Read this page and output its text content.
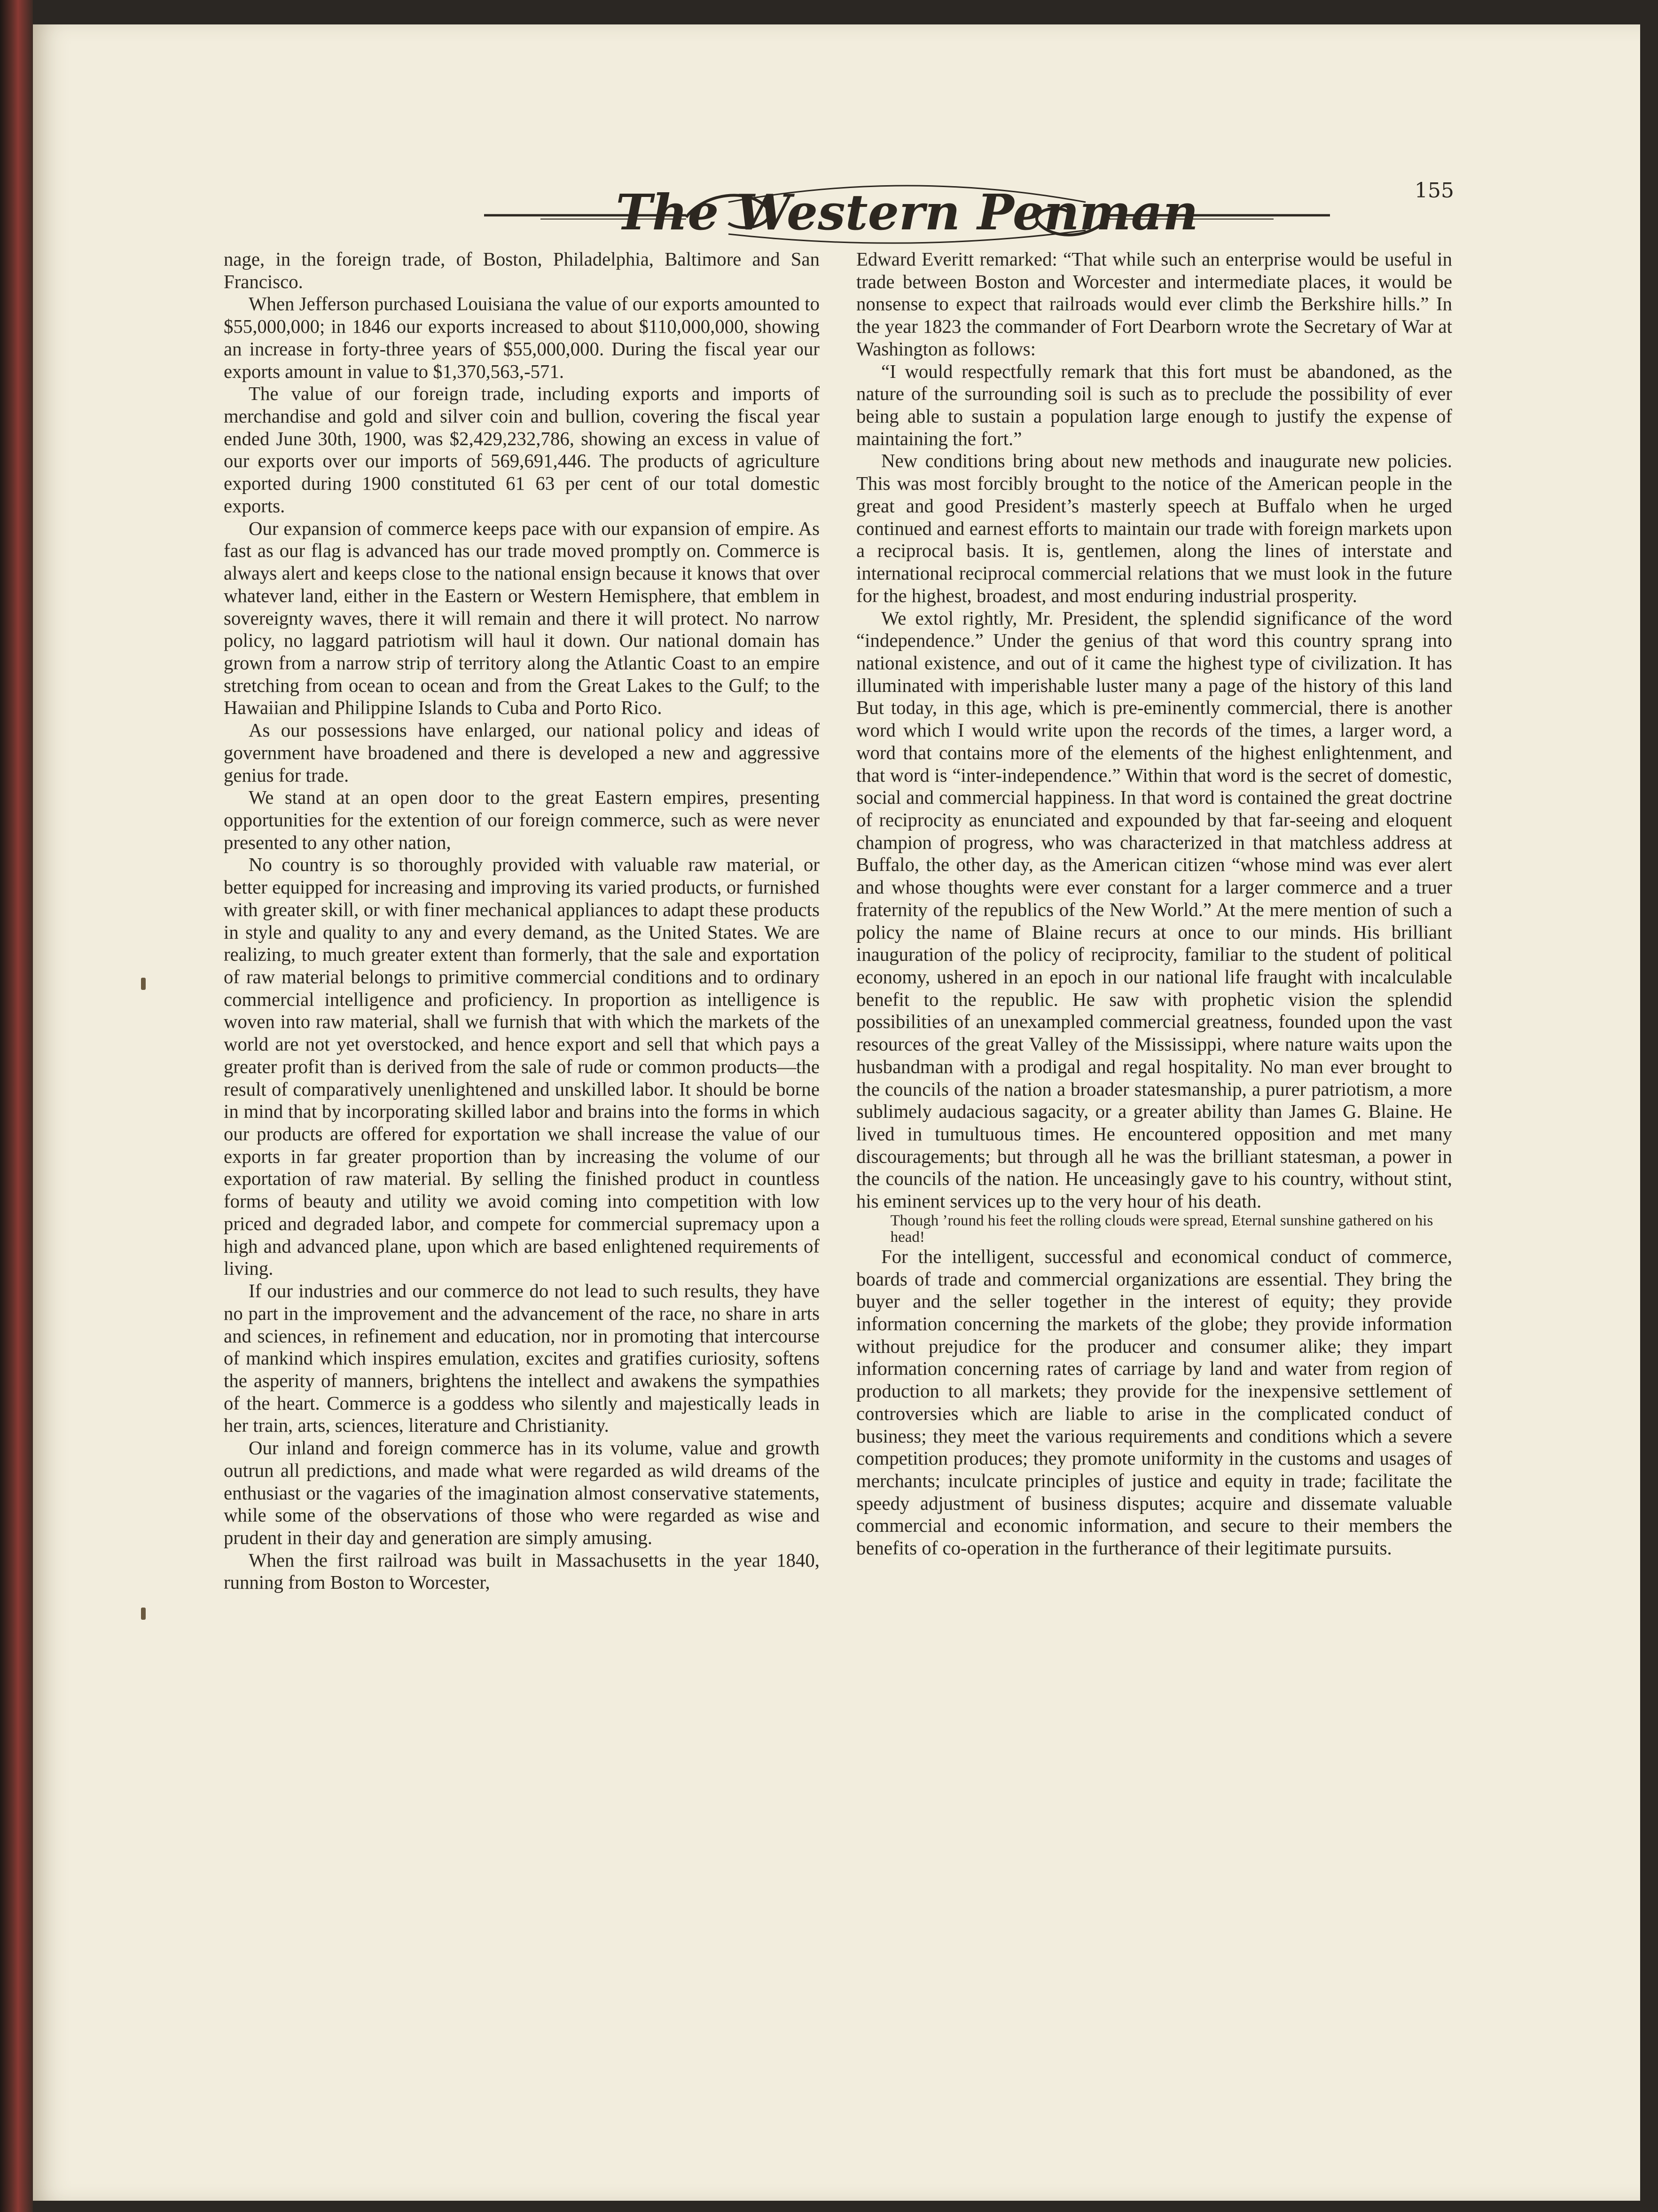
The Western Penman	155

nage, in the foreign trade, of Boston, Philadelphia, Baltimore and San Francisco.

When Jefferson purchased Louisiana the value of our exports amounted to $55,000,000; in 1846 our exports increased to about $110,000,000, showing an increase in forty-three years of $55,000,000. During the fiscal year our exports amount in value to $1,370,563,-571.

The value of our foreign trade, including exports and imports of merchandise and gold and silver coin and bullion, covering the fiscal year ended June 30th, 1900, was $2,429,232,786, showing an excess in value of our exports over our imports of 569,691,446. The products of agriculture exported during 1900 constituted 61 63 per cent of our total domestic exports.

Our expansion of commerce keeps pace with our expansion of empire. As fast as our flag is advanced has our trade moved promptly on. Commerce is always alert and keeps close to the national ensign because it knows that over whatever land, either in the Eastern or Western Hemisphere, that emblem in sovereignty waves, there it will remain and there it will protect. No narrow policy, no laggard patriotism will haul it down. Our national domain has grown from a narrow strip of territory along the Atlantic Coast to an empire stretching from ocean to ocean and from the Great Lakes to the Gulf; to the Hawaiian and Philippine Islands to Cuba and Porto Rico.

As our possessions have enlarged, our national policy and ideas of government have broadened and there is developed a new and aggressive genius for trade.

We stand at an open door to the great Eastern empires, presenting opportunities for the extention of our foreign commerce, such as were never presented to any other nation,

No country is so thoroughly provided with valuable raw material, or better equipped for increasing and improving its varied products, or furnished with greater skill, or with finer mechanical appliances to adapt these products in style and quality to any and every demand, as the United States. We are realizing, to much greater extent than formerly, that the sale and exportation of raw material belongs to primitive commercial conditions and to ordinary commercial intelligence and proficiency. In proportion as intelligence is woven into raw material, shall we furnish that with which the markets of the world are not yet overstocked, and hence export and sell that which pays a greater profit than is derived from the sale of rude or common products—the result of comparatively unenlightened and unskilled labor. It should be borne in mind that by incorporating skilled labor and brains into the forms in which our products are offered for exportation we shall increase the value of our exports in far greater proportion than by increasing the volume of our exportation of raw material. By selling the finished product in countless forms of beauty and utility we avoid coming into competition with low priced and degraded labor, and compete for commercial supremacy upon a high and advanced plane, upon which are based enlightened requirements of living.

If our industries and our commerce do not lead to such results, they have no part in the improvement and the advancement of the race, no share in arts and sciences, in refinement and education, nor in promoting that intercourse of mankind which inspires emulation, excites and gratifies curiosity, softens the asperity of manners, brightens the intellect and awakens the sympathies of the heart. Commerce is a goddess who silently and majestically leads in her train, arts, sciences, literature and Christianity.

Our inland and foreign commerce has in its volume, value and growth outrun all predictions, and made what were regarded as wild dreams of the enthusiast or the vagaries of the imagination almost conservative statements, while some of the observations of those who were regarded as wise and prudent in their day and generation are simply amusing.

When the first railroad was built in Massachusetts in the year 1840, running from Boston to Worcester,

Edward Everitt remarked: “That while such an enterprise would be useful in trade between Boston and Worcester and intermediate places, it would be nonsense to expect that railroads would ever climb the Berkshire hills.” In the year 1823 the commander of Fort Dearborn wrote the Secretary of War at Washington as follows:

“I would respectfully remark that this fort must be abandoned, as the nature of the surrounding soil is such as to preclude the possibility of ever being able to sustain a population large enough to justify the expense of maintaining the fort.”

New conditions bring about new methods and inaugurate new policies. This was most forcibly brought to the notice of the American people in the great and good President’s masterly speech at Buffalo when he urged continued and earnest efforts to maintain our trade with foreign markets upon a reciprocal basis. It is, gentlemen, along the lines of interstate and international reciprocal commercial relations that we must look in the future for the highest, broadest, and most enduring industrial prosperity.

We extol rightly, Mr. President, the splendid significance of the word “independence.” Under the genius of that word this country sprang into national existence, and out of it came the highest type of civilization. It has illuminated with imperishable luster many a page of the history of this land But today, in this age, which is pre-eminently commercial, there is another word which I would write upon the records of the times, a larger word, a word that contains more of the elements of the highest enlightenment, and that word is “inter-independence.” Within that word is the secret of domestic, social and commercial happiness. In that word is contained the great doctrine of reciprocity as enunciated and expounded by that far-seeing and eloquent champion of progress, who was characterized in that matchless address at Buffalo, the other day, as the American citizen “whose mind was ever alert and whose thoughts were ever constant for a larger commerce and a truer fraternity of the republics of the New World.” At the mere mention of such a policy the name of Blaine recurs at once to our minds. His brilliant inauguration of the policy of reciprocity, familiar to the student of political economy, ushered in an epoch in our national life fraught with incalculable benefit to the republic. He saw with prophetic vision the splendid possibilities of an unexampled commercial greatness, founded upon the vast resources of the great Valley of the Mississippi, where nature waits upon the husbandman with a prodigal and regal hospitality. No man ever brought to the councils of the nation a broader statesmanship, a purer patriotism, a more sublimely audacious sagacity, or a greater ability than James G. Blaine. He lived in tumultuous times. He encountered opposition and met many discouragements; but through all he was the brilliant statesman, a power in the councils of the nation. He unceasingly gave to his country, without stint, his eminent services up to the very hour of his death.

Though ’round his feet the rolling clouds were spread, Eternal sunshine gathered on his head!

For the intelligent, successful and economical conduct of commerce, boards of trade and commercial organizations are essential. They bring the buyer and the seller together in the interest of equity; they provide information concerning the markets of the globe; they provide information without prejudice for the producer and consumer alike; they impart information concerning rates of carriage by land and water from region of production to all markets; they provide for the inexpensive settlement of controversies which are liable to arise in the complicated conduct of business; they meet the various requirements and conditions which a severe competition produces; they promote uniformity in the customs and usages of merchants; inculcate principles of justice and equity in trade; facilitate the speedy adjustment of business disputes; acquire and dissemate valuable commercial and economic information, and secure to their members the benefits of co-operation in the furtherance of their legitimate pursuits.
